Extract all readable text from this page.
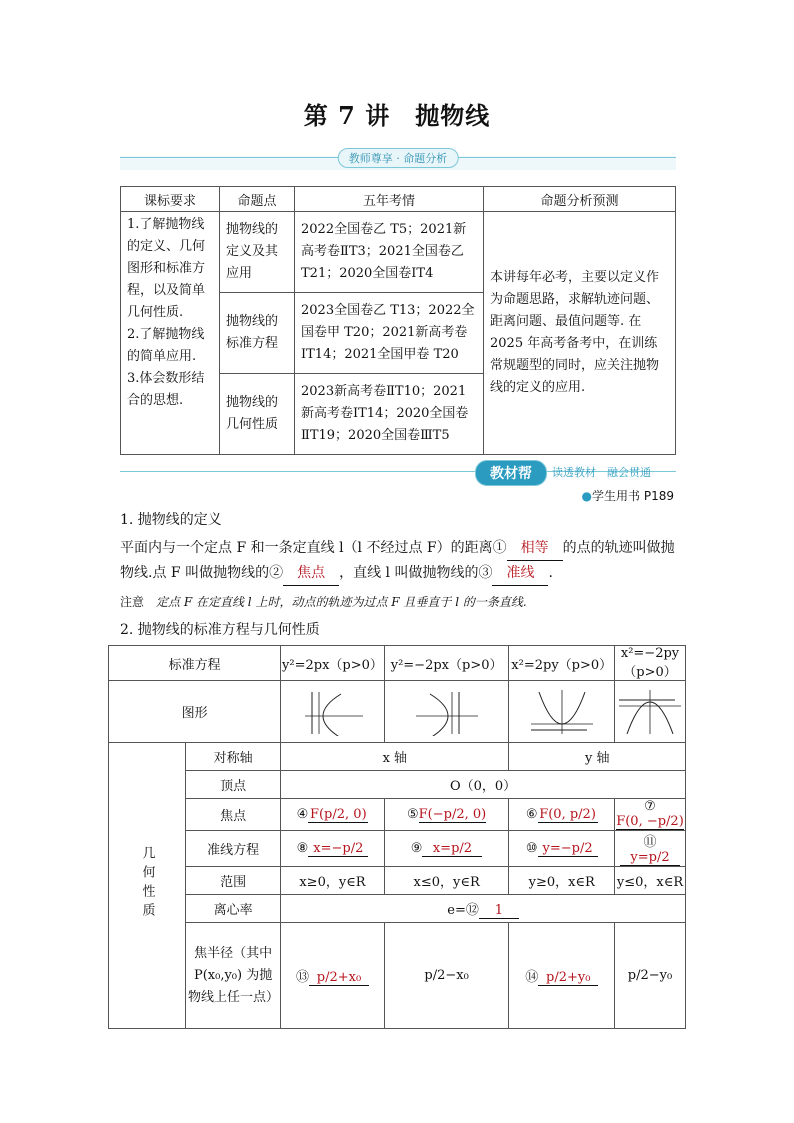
第 7 讲　抛物线
教师尊享 · 命题分析
课标要求	命题点	五年考情	命题分析预测
1.了解抛物线的定义、几何图形和标准方程，以及简单几何性质.
2.了解抛物线的简单应用.
3.体会数形结合的思想.	抛物线的定义及其应用	2022全国卷乙 T5；2021新高考卷ⅡT3；2021全国卷乙 T21；2020全国卷ⅠT4	本讲每年必考，主要以定义作为命题思路，求解轨迹问题、距离问题、最值问题等. 在 2025 年高考备考中，在训练常规题型的同时，应关注抛物线的定义的应用.
	抛物线的标准方程	2023全国卷乙 T13；2022全国卷甲 T20；2021新高考卷ⅠT14；2021全国甲卷 T20	
	抛物线的几何性质	2023新高考卷ⅡT10；2021新高考卷ⅠT14；2020全国卷ⅡT19；2020全国卷ⅢT5	
教材帮	读透教材　融会贯通
●学生用书 P189
1. 抛物线的定义
平面内与一个定点 F 和一条定直线 l（l 不经过点 F）的距离① 相等 的点的轨迹叫做抛
物线.点 F 叫做抛物线的② 焦点 ，直线 l 叫做抛物线的③ 准线 .
注意　 定点 F 在定直线 l 上时，动点的轨迹为过点 F 且垂直于 l 的一条直线.
2. 抛物线的标准方程与几何性质
标准方程		y²=2px（p>0）	y²=−2px（p>0）	x²=2py（p>0）	x²=−2py（p>0）
图形	

几何性质	对称轴	x 轴		y 轴	
	顶点	O（0，0）			
	焦点	④ F(p/2, 0)	⑤F(−p/2, 0)	⑥ F(0, p/2)	⑦F(0, −p/2)
	准线方程	⑧ x=−p/2	⑨ x=p/2	⑩ y=−p/2	⑪y=p/2
	范围	x≥0，y∈R	x≤0，y∈R	y≥0，x∈R	y≤0，x∈R
	离心率	e=⑫ 1			
	焦半径（其中 P(x₀,y₀) 为抛物线上任一点）	⑬ p/2+x₀	p/2−x₀	⑭ p/2+y₀	p/2−y₀
